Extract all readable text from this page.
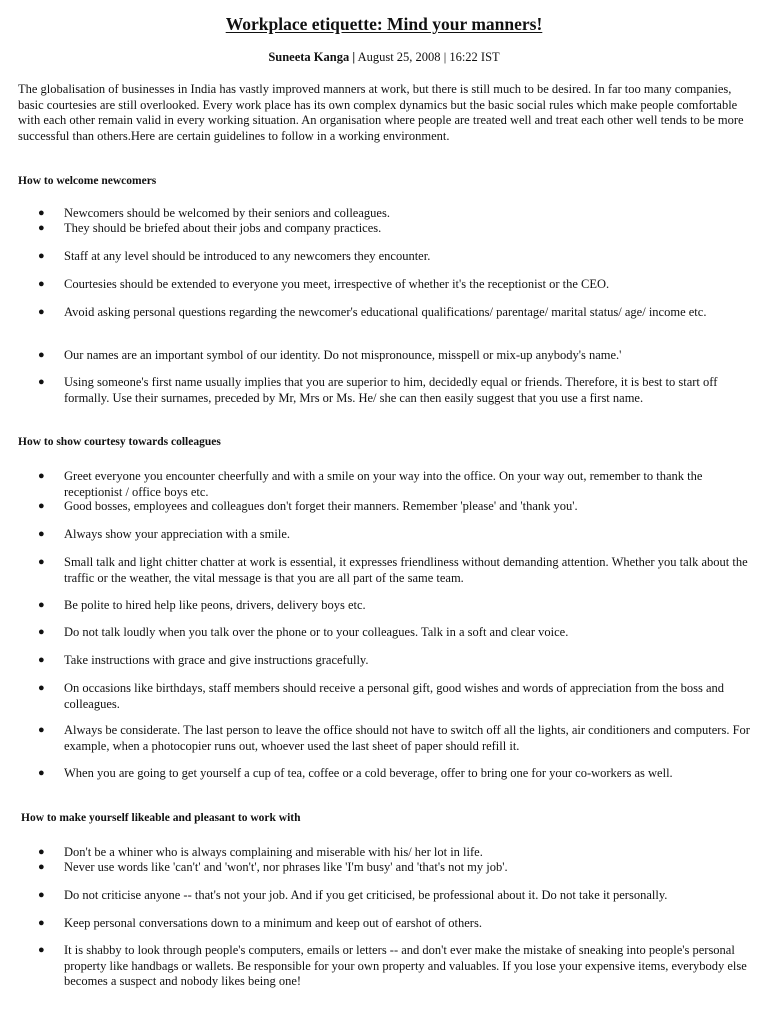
Workplace etiquette: Mind your manners!
Suneeta Kanga | August 25, 2008 | 16:22 IST

The globalisation of businesses in India has vastly improved manners at work, but there is still much to be desired. In far too many companies, basic courtesies are still overlooked. Every work place has its own complex dynamics but the basic social rules which make people comfortable with each other remain valid in every working situation. An organisation where people are treated well and treat each other well tends to be more successful than others.Here are certain guidelines to follow in a working environment.

How to welcome newcomers
● Newcomers should be welcomed by their seniors and colleagues.
● They should be briefed about their jobs and company practices.
● Staff at any level should be introduced to any newcomers they encounter.
● Courtesies should be extended to everyone you meet, irrespective of whether it's the receptionist or the CEO.
● Avoid asking personal questions regarding the newcomer's educational qualifications/ parentage/ marital status/ age/ income etc.
● Our names are an important symbol of our identity. Do not mispronounce, misspell or mix-up anybody's name.'
● Using someone's first name usually implies that you are superior to him, decidedly equal or friends. Therefore, it is best to start off formally. Use their surnames, preceded by Mr, Mrs or Ms. He/ she can then easily suggest that you use a first name.
How to show courtesy towards colleagues
● Greet everyone you encounter cheerfully and with a smile on your way into the office. On your way out, remember to thank the receptionist / office boys etc.
● Good bosses, employees and colleagues don't forget their manners. Remember 'please' and 'thank you'.
● Always show your appreciation with a smile.
● Small talk and light chitter chatter at work is essential, it expresses friendliness without demanding attention. Whether you talk about the traffic or the weather, the vital message is that you are all part of the same team.
● Be polite to hired help like peons, drivers, delivery boys etc.
● Do not talk loudly when you talk over the phone or to your colleagues. Talk in a soft and clear voice.
● Take instructions with grace and give instructions gracefully.
● On occasions like birthdays, staff members should receive a personal gift, good wishes and words of appreciation from the boss and colleagues.
● Always be considerate. The last person to leave the office should not have to switch off all the lights, air conditioners and computers. For example, when a photocopier runs out, whoever used the last sheet of paper should refill it.
● When you are going to get yourself a cup of tea, coffee or a cold beverage, offer to bring one for your co-workers as well.
How to make yourself likeable and pleasant to work with
● Don't be a whiner who is always complaining and miserable with his/ her lot in life.
● Never use words like 'can't' and 'won't', nor phrases like 'I'm busy' and 'that's not my job'.
● Do not criticise anyone -- that's not your job. And if you get criticised, be professional about it. Do not take it personally.
● Keep personal conversations down to a minimum and keep out of earshot of others.
● It is shabby to look through people's computers, emails or letters -- and don't ever make the mistake of sneaking into people's personal property like handbags or wallets. Be responsible for your own property and valuables. If you lose your expensive items, everybody else becomes a suspect and nobody likes being one!
